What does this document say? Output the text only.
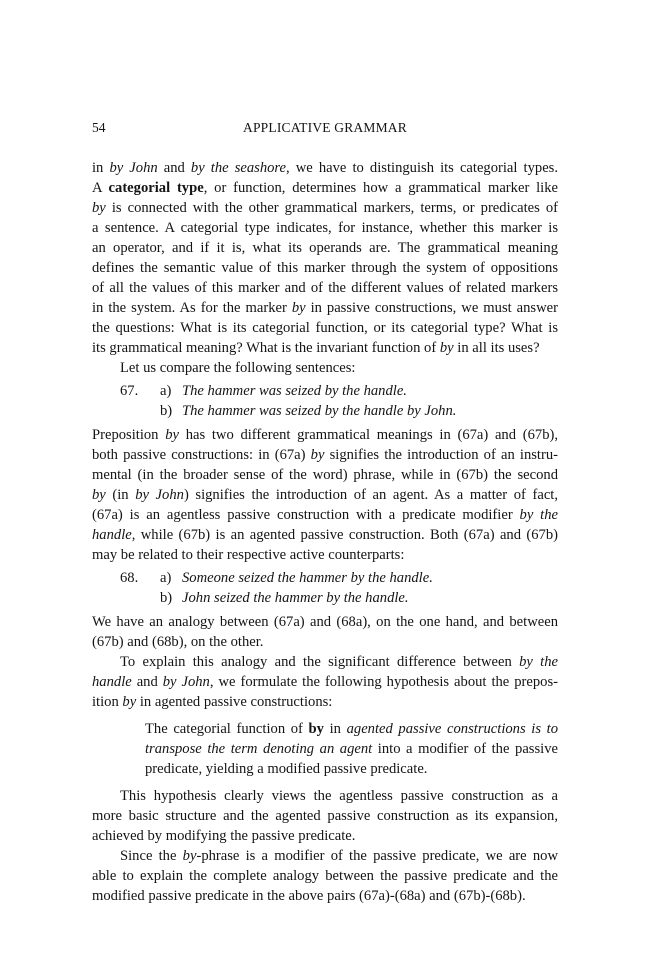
54	APPLICATIVE GRAMMAR
in by John and by the seashore, we have to distinguish its categorial types.
A categorial type, or function, determines how a grammatical marker like
by is connected with the other grammatical markers, terms, or predicates of
a sentence. A categorial type indicates, for instance, whether this marker is
an operator, and if it is, what its operands are. The grammatical meaning
defines the semantic value of this marker through the system of oppositions
of all the values of this marker and of the different values of related markers
in the system. As for the marker by in passive constructions, we must answer
the questions: What is its categorial function, or its categorial type? What is
its grammatical meaning? What is the invariant function of by in all its uses?
Let us compare the following sentences:
67. a) The hammer was seized by the handle.
b) The hammer was seized by the handle by John.
Preposition by has two different grammatical meanings in (67a) and (67b),
both passive constructions: in (67a) by signifies the introduction of an instru-
mental (in the broader sense of the word) phrase, while in (67b) the second
by (in by John) signifies the introduction of an agent. As a matter of fact,
(67a) is an agentless passive construction with a predicate modifier by the
handle, while (67b) is an agented passive construction. Both (67a) and (67b)
may be related to their respective active counterparts:
68. a) Someone seized the hammer by the handle.
b) John seized the hammer by the handle.
We have an analogy between (67a) and (68a), on the one hand, and between
(67b) and (68b), on the other.
To explain this analogy and the significant difference between by the
handle and by John, we formulate the following hypothesis about the prepos-
ition by in agented passive constructions:
The categorial function of by in agented passive constructions is to
transpose the term denoting an agent into a modifier of the passive
predicate, yielding a modified passive predicate.
This hypothesis clearly views the agentless passive construction as a
more basic structure and the agented passive construction as its expansion,
achieved by modifying the passive predicate.
Since the by-phrase is a modifier of the passive predicate, we are now
able to explain the complete analogy between the passive predicate and the
modified passive predicate in the above pairs (67a)-(68a) and (67b)-(68b).
